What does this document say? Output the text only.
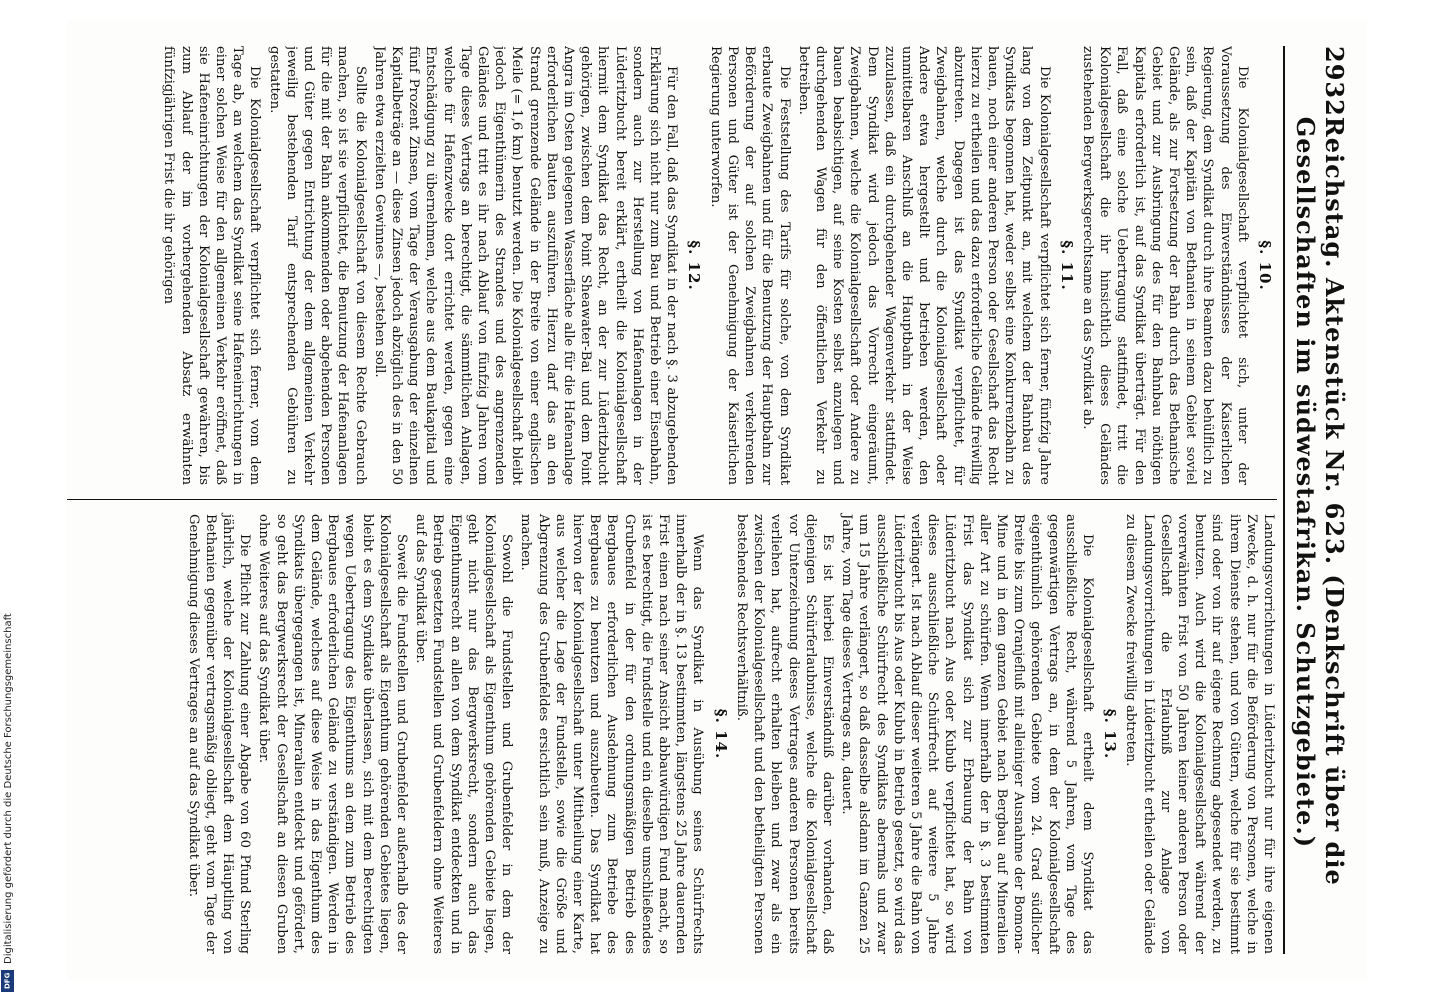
2932
Reichstag. Aktenstück Nr. 623. (Denkschrift über die Gesellschaften im südwestafrikan. Schutzgebiete.)
§. 10.

Die Kolonialgesellschaft verpflichtet sich, unter der Voraussetzung des Einverständnisses der Kaiserlichen Regierung, dem Syndikat durch ihre Beamten dazu behülflich zu sein, daß der Kapitän von Bethanien in seinem Gebiet soviel Gelände, als zur Fortsetzung der Bahn durch das Bethanische Gebiet und zur Ausbringung des für den Bahnbau nöthigen Kapitals erforderlich ist, auf das Syndikat überträgt. Für den Fall, daß eine solche Uebertragung stattfindet, tritt die Kolonialgesellschaft die ihr hinsichtlich dieses Geländes zustehenden Bergwerksgerechtsame an das Syndikat ab.

§. 11.

Die Kolonialgesellschaft verpflichtet sich ferner, fünfzig Jahre lang von dem Zeitpunkt an, mit welchem der Bahnbau des Syndikats begonnen hat, weder selbst eine Konkurrenzbahn zu bauen, noch einer anderen Person oder Gesellschaft das Recht hierzu zu ertheilen und das dazu erforderliche Gelände freiwillig abzutreten. Dagegen ist das Syndikat verpflichtet, für Zweigbahnen, welche durch die Kolonialgesellschaft oder Andere etwa hergestellt und betrieben werden, den unmittelbaren Anschluß an die Hauptbahn in der Weise zuzulassen, daß ein durchgehender Wagenverkehr stattfindet. Dem Syndikat wird jedoch das Vorrecht eingeräumt, Zweigbahnen, welche die Kolonialgesellschaft oder Andere zu bauen beabsichtigen, auf seine Kosten selbst anzulegen und durchgehenden Wagen für den öffentlichen Verkehr zu betreiben.

Die Feststellung des Tarifs für solche, von dem Syndikat erbaute Zweigbahnen und für die Benutzung der Hauptbahn zur Beförderung der auf solchen Zweigbahnen verkehrenden Personen und Güter ist der Genehmigung der Kaiserlichen Regierung unterworfen.

§. 12.

Für den Fall, daß das Syndikat in der nach §. 3 abzugebenden Erklärung sich nicht nur zum Bau und Betrieb einer Eisenbahn, sondern auch zur Herstellung von Hafenanlagen in der Lüderitzbucht bereit erklärt, ertheilt die Kolonialgesellschaft hiermit dem Syndikat das Recht, an der zur Lüderitzbucht gehörigen, zwischen dem Point Sheawater-Bai und dem Point Angra im Osten gelegenen Wasserfläche alle für die Hafenanlage erforderlichen Bauten auszuführen. Hierzu darf das an den Strand grenzende Gelände in der Breite von einer englischen Meile (= 1,6 km) benutzt werden. Die Kolonialgesellschaft bleibt jedoch Eigenthümerin des Strandes und des angrenzenden Geländes und tritt es ihr nach Ablauf von fünfzig Jahren vom Tage dieses Vertrags an berechtigt, die sämmtlichen Anlagen, welche für Hafenzwecke dort errichtet werden, gegen eine Entschädigung zu übernehmen, welche aus dem Baukapital und fünf Prozent Zinsen, vom Tage der Verausgabung der einzelnen Kapitalbeträge an — diese Zinsen jedoch abzüglich des in den 50 Jahren etwa erzielten Gewinnes —, bestehen soll.

Sollte die Kolonialgesellschaft von diesem Rechte Gebrauch machen, so ist sie verpflichtet, die Benutzung der Hafenanlagen für die mit der Bahn ankommenden oder abgehenden Personen und Güter gegen Entrichtung der dem allgemeinen Verkehr jeweilig bestehenden Tarif entsprechenden Gebühren zu gestatten.

Die Kolonialgesellschaft verpflichtet sich ferner, vom dem Tage ab, an welchem das Syndikat seine Hafeneinrichtungen in einer solchen Weise für den allgemeinen Verkehr eröffnet, daß sie Hafeneinrichtungen der Kolonialgesellschaft gewähren, bis zum Ablauf der im vorhergehenden Absatz erwähnten fünfzigjährigen Frist die ihr gehörigen

Landungsvorrichtungen in Lüderitzbucht nur für ihre eigenen Zwecke, d. h. nur für die Beförderung von Personen, welche in ihrem Dienste stehen, und von Gütern, welche für sie bestimmt sind oder von ihr auf eigene Rechnung abgesendet werden, zu benutzen. Auch wird die Kolonialgesellschaft während der vorerwähnten Frist von 50 Jahren keiner anderen Person oder Gesellschaft die Erlaubniß zur Anlage von Landungsvorrichtungen in Lüderitzbucht ertheilen oder Gelände zu diesem Zwecke freiwillig abtreten.

§. 13.

Die Kolonialgesellschaft ertheilt dem Syndikat das ausschließliche Recht, während 5 Jahren, vom Tage des gegenwärtigen Vertrags an, in dem der Kolonialgesellschaft eigenthümlich gehörenden Gebiete vom 24. Grad südlicher Breite bis zum Oranjefluß mit alleiniger Ausnahme der Bomona-Mine und in dem ganzen Gebiet nach Bergbau auf Mineralien aller Art zu schürfen. Wenn innerhalb der in §. 3 bestimmten Frist das Syndikat sich zur Erbauung der Bahn von Lüderitzbucht nach Aus oder Kubub verpflichtet hat, so wird dieses ausschließliche Schürfrecht auf weitere 5 Jahre verlängert. Ist nach Ablauf dieser weiteren 5 Jahre die Bahn von Lüderitzbucht bis Aus oder Kubub in Betrieb gesetzt, so wird das ausschließliche Schürfrecht des Syndikats abermals und zwar um 15 Jahre verlängert, so daß dasselbe alsdann im Ganzen 25 Jahre, vom Tage dieses Vertrages an, dauert.

Es ist hierbei Einverständniß darüber vorhanden, daß diejenigen Schürferlaubnisse, welche die Kolonialgesellschaft vor Unterzeichnung dieses Vertrages anderen Personen bereits verliehen hat, aufrecht erhalten bleiben und zwar als ein zwischen der Kolonialgesellschaft und den betheiligten Personen bestehendes Rechtsverhältniß.

§. 14.

Wenn das Syndikat in Ausübung seines Schürfrechts innerhalb der in §. 13 bestimmten, längstens 25 Jahre dauernden Frist einen nach seiner Ansicht abbauwürdigen Fund macht, so ist es berechtigt, die Fundstelle und ein dieselbe umschließendes Grubenfeld in der für den ordnungsmäßigen Betrieb des Bergbaues erforderlichen Ausdehnung zum Betriebe des Bergbaues zu benutzen und auszubeuten. Das Syndikat hat hiervon der Kolonialgesellschaft unter Mittheilung einer Karte, aus welcher die Lage der Fundstelle, sowie die Größe und Abgrenzung des Grubenfeldes ersichtlich sein muß, Anzeige zu machen.

Sowohl die Fundstellen und Grubenfelder in dem der Kolonialgesellschaft als Eigenthum gehörenden Gebiete liegen, geht nicht nur das Bergwerksrecht, sondern auch das Eigenthumsrecht an allen von dem Syndikat entdeckten und in Betrieb gesetzten Fundstellen und Grubenfeldern ohne Weiteres auf das Syndikat über.

Soweit die Fundstellen und Grubenfelder außerhalb des der Kolonialgesellschaft als Eigenthum gehörenden Gebietes liegen, bleibt es dem Syndikate überlassen, sich mit dem Berechtigten wegen Uebertragung des Eigenthums an dem zum Betrieb des Bergbaues erforderlichen Gelände zu verständigen. Werden in dem Gelände, welches auf diese Weise in das Eigenthum des Syndikats übergegangen ist, Mineralien entdeckt und gefördert, so geht das Bergwerksrecht der Gesellschaft an diesen Gruben ohne Weiteres auf das Syndikat über.

Die Pflicht zur Zahlung einer Abgabe von 60 Pfund Sterling jährlich, welche der Kolonialgesellschaft dem Häuptling von Bethanien gegenüber vertragsmäßig obliegt, geht vom Tage der Genehmigung dieses Vertrages an auf das Syndikat über.

Digitalisierung gefördert durch die Deutsche Forschungsgemeinschaft
DFG
